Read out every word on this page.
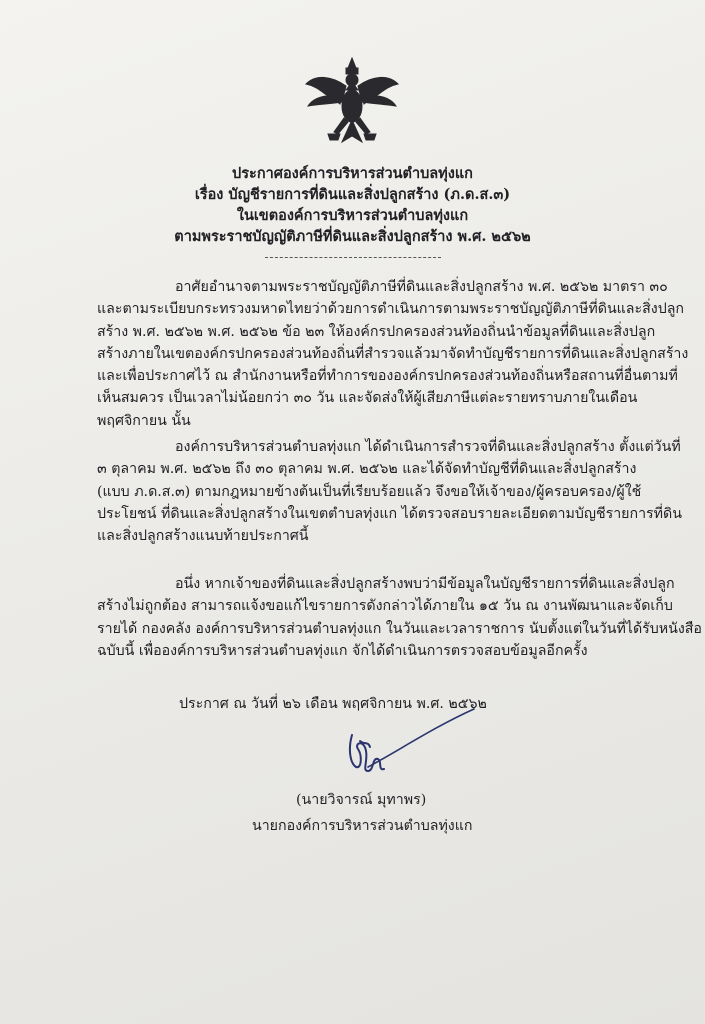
ประกาศองค์การบริหารส่วนตำบลทุ่งแก
เรื่อง บัญชีรายการที่ดินและสิ่งปลูกสร้าง (ภ.ด.ส.๓)
ในเขตองค์การบริหารส่วนตำบลทุ่งแก
ตามพระราชบัญญัติภาษีที่ดินและสิ่งปลูกสร้าง พ.ศ. ๒๕๖๒
อาศัยอำนาจตามพระราชบัญญัติภาษีที่ดินและสิ่งปลูกสร้าง พ.ศ. ๒๕๖๒ มาตรา ๓๐
และตามระเบียบกระทรวงมหาดไทยว่าด้วยการดำเนินการตามพระราชบัญญัติภาษีที่ดินและสิ่งปลูก
สร้าง พ.ศ. ๒๕๖๒ พ.ศ. ๒๕๖๒ ข้อ ๒๓ ให้องค์กรปกครองส่วนท้องถิ่นนำข้อมูลที่ดินและสิ่งปลูก
สร้างภายในเขตองค์กรปกครองส่วนท้องถิ่นที่สำรวจแล้วมาจัดทำบัญชีรายการที่ดินและสิ่งปลูกสร้าง
และเพื่อประกาศไว้ ณ สำนักงานหรือที่ทำการขององค์กรปกครองส่วนท้องถิ่นหรือสถานที่อื่นตามที่
เห็นสมควร เป็นเวลาไม่น้อยกว่า ๓๐ วัน และจัดส่งให้ผู้เสียภาษีแต่ละรายทราบภายในเดือน
พฤศจิกายน นั้น
องค์การบริหารส่วนตำบลทุ่งแก ได้ดำเนินการสำรวจที่ดินและสิ่งปลูกสร้าง ตั้งแต่วันที่
๓ ตุลาคม พ.ศ. ๒๕๖๒ ถึง ๓๐ ตุลาคม พ.ศ. ๒๕๖๒ และได้จัดทำบัญชีที่ดินและสิ่งปลูกสร้าง
(แบบ ภ.ด.ส.๓) ตามกฎหมายข้างต้นเป็นที่เรียบร้อยแล้ว จึงขอให้เจ้าของ/ผู้ครอบครอง/ผู้ใช้
ประโยชน์ ที่ดินและสิ่งปลูกสร้างในเขตตำบลทุ่งแก ได้ตรวจสอบรายละเอียดตามบัญชีรายการที่ดิน
และสิ่งปลูกสร้างแนบท้ายประกาศนี้
อนึ่ง หากเจ้าของที่ดินและสิ่งปลูกสร้างพบว่ามีข้อมูลในบัญชีรายการที่ดินและสิ่งปลูก
สร้างไม่ถูกต้อง สามารถแจ้งขอแก้ไขรายการดังกล่าวได้ภายใน ๑๕ วัน ณ งานพัฒนาและจัดเก็บ
รายได้ กองคลัง องค์การบริหารส่วนตำบลทุ่งแก ในวันและเวลาราชการ นับตั้งแต่ในวันที่ได้รับหนังสือ
ฉบับนี้ เพื่อองค์การบริหารส่วนตำบลทุ่งแก จักได้ดำเนินการตรวจสอบข้อมูลอีกครั้ง
ประกาศ ณ วันที่ ๒๖ เดือน พฤศจิกายน พ.ศ. ๒๕๖๒
(นายวิจารณ์ มุทาพร)
นายกองค์การบริหารส่วนตำบลทุ่งแก
